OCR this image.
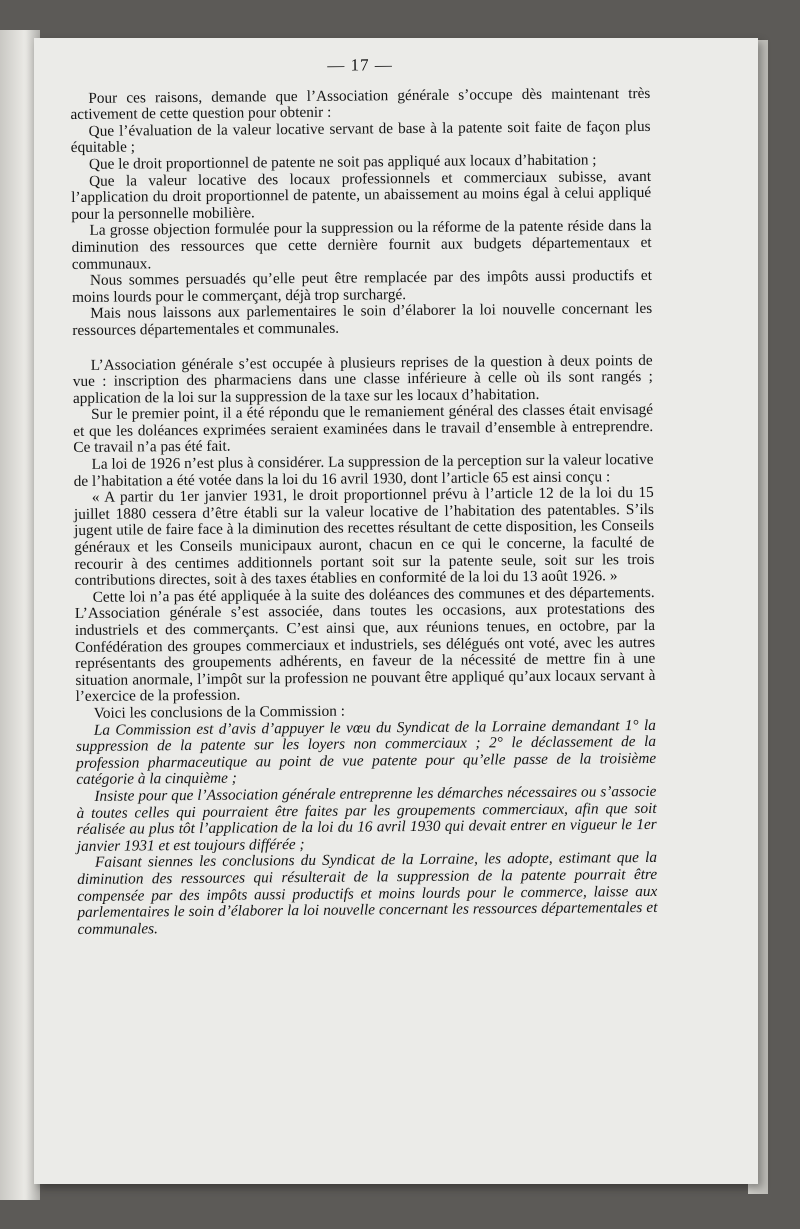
— 17 —

Pour ces raisons, demande que l’Association générale s’occupe dès maintenant très activement de cette question pour obtenir :

Que l’évaluation de la valeur locative servant de base à la patente soit faite de façon plus équitable ;

Que le droit proportionnel de patente ne soit pas appliqué aux locaux d’habitation ;

Que la valeur locative des locaux professionnels et commerciaux subisse, avant l’application du droit proportionnel de patente, un abaissement au moins égal à celui appliqué pour la personnelle mobilière.

La grosse objection formulée pour la suppression ou la réforme de la patente réside dans la diminution des ressources que cette dernière fournit aux budgets départementaux et communaux.

Nous sommes persuadés qu’elle peut être remplacée par des impôts aussi productifs et moins lourds pour le commerçant, déjà trop surchargé.

Mais nous laissons aux parlementaires le soin d’élaborer la loi nouvelle concernant les ressources départementales et communales.

L’Association générale s’est occupée à plusieurs reprises de la question à deux points de vue : inscription des pharmaciens dans une classe inférieure à celle où ils sont rangés ; application de la loi sur la suppression de la taxe sur les locaux d’habitation.

Sur le premier point, il a été répondu que le remaniement général des classes était envisagé et que les doléances exprimées seraient examinées dans le travail d’ensemble à entreprendre. Ce travail n’a pas été fait.

La loi de 1926 n’est plus à considérer. La suppression de la perception sur la valeur locative de l’habitation a été votée dans la loi du 16 avril 1930, dont l’article 65 est ainsi conçu :

« A partir du 1er janvier 1931, le droit proportionnel prévu à l’article 12 de la loi du 15 juillet 1880 cessera d’être établi sur la valeur locative de l’habitation des patentables. S’ils jugent utile de faire face à la diminution des recettes résultant de cette disposition, les Conseils généraux et les Conseils municipaux auront, chacun en ce qui le concerne, la faculté de recourir à des centimes additionnels portant soit sur la patente seule, soit sur les trois contributions directes, soit à des taxes établies en conformité de la loi du 13 août 1926. »

Cette loi n’a pas été appliquée à la suite des doléances des communes et des départements. L’Association générale s’est associée, dans toutes les occasions, aux protestations des industriels et des commerçants. C’est ainsi que, aux réunions tenues, en octobre, par la Confédération des groupes commerciaux et industriels, ses délégués ont voté, avec les autres représentants des groupements adhérents, en faveur de la nécessité de mettre fin à une situation anormale, l’impôt sur la profession ne pouvant être appliqué qu’aux locaux servant à l’exercice de la profession.

Voici les conclusions de la Commission :

La Commission est d’avis d’appuyer le vœu du Syndicat de la Lorraine demandant 1° la suppression de la patente sur les loyers non commerciaux ; 2° le déclassement de la profession pharmaceutique au point de vue patente pour qu’elle passe de la troisième catégorie à la cinquième ;

Insiste pour que l’Association générale entreprenne les démarches nécessaires ou s’associe à toutes celles qui pourraient être faites par les groupements commerciaux, afin que soit réalisée au plus tôt l’application de la loi du 16 avril 1930 qui devait entrer en vigueur le 1er janvier 1931 et est toujours différée ;

Faisant siennes les conclusions du Syndicat de la Lorraine, les adopte, estimant que la diminution des ressources qui résulterait de la suppression de la patente pourrait être compensée par des impôts aussi productifs et moins lourds pour le commerce, laisse aux parlementaires le soin d’élaborer la loi nouvelle concernant les ressources départementales et communales.
